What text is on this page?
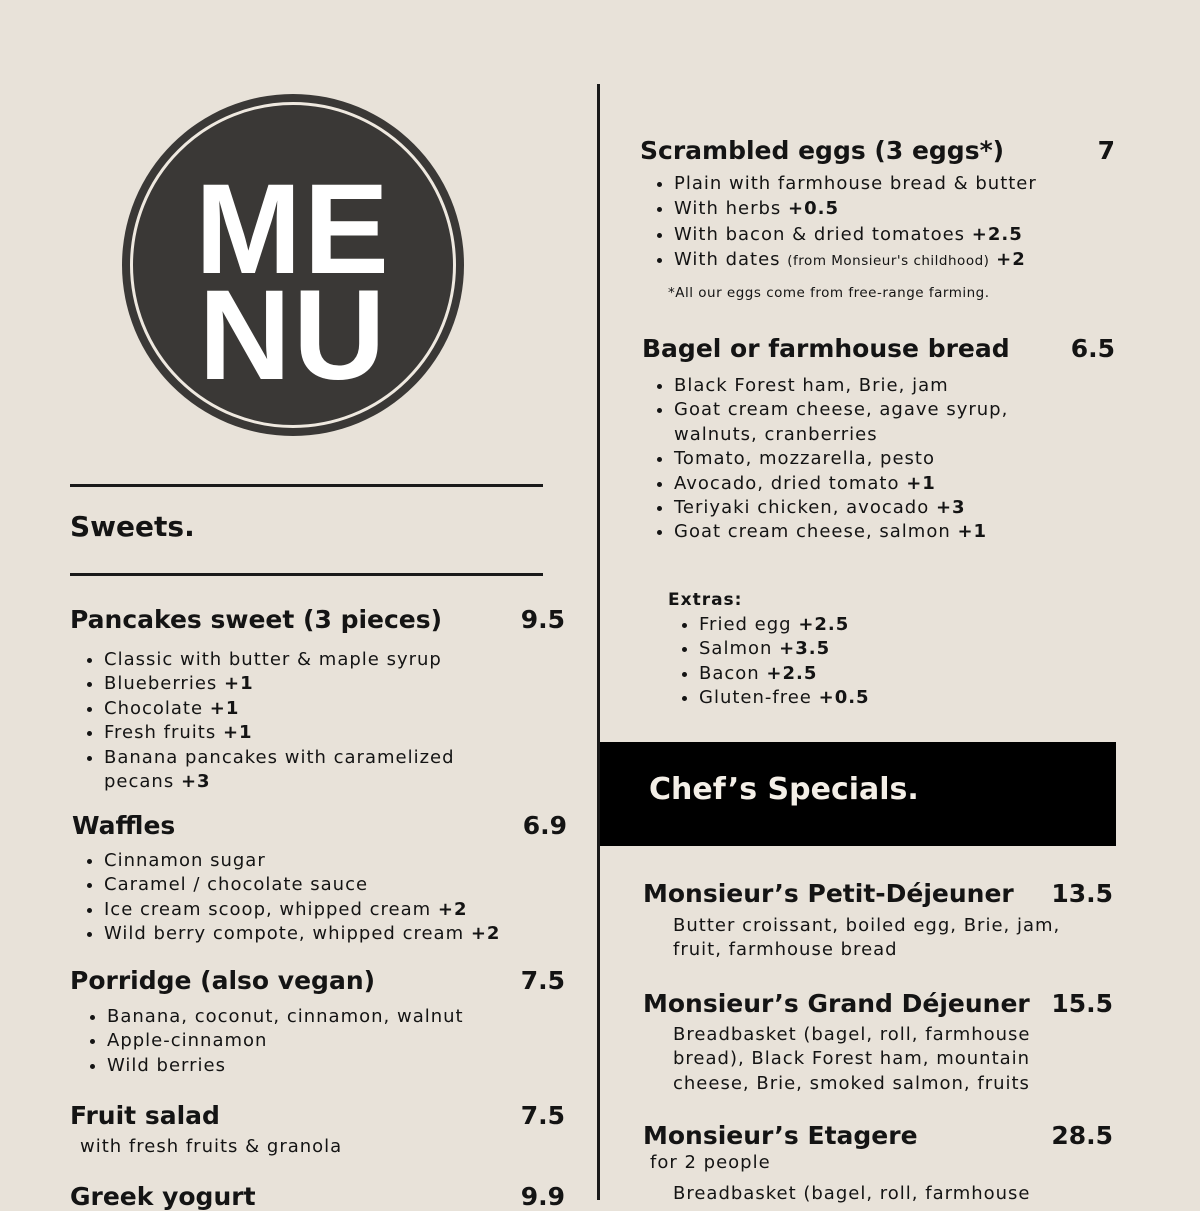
ME
NU
Sweets.
Pancakes sweet (3 pieces)	9.5
• Classic with butter & maple syrup
• Blueberries +1
• Chocolate +1
• Fresh fruits +1
• Banana pancakes with caramelized pecans +3
Waffles	6.9
• Cinnamon sugar
• Caramel / chocolate sauce
• Ice cream scoop, whipped cream +2
• Wild berry compote, whipped cream +2
Porridge (also vegan)	7.5
• Banana, coconut, cinnamon, walnut
• Apple-cinnamon
• Wild berries
Fruit salad	7.5
with fresh fruits & granola
Greek yogurt	9.9
Scrambled eggs (3 eggs*)	7
• Plain with farmhouse bread & butter
• With herbs +0.5
• With bacon & dried tomatoes +2.5
• With dates (from Monsieur's childhood) +2
*All our eggs come from free-range farming.
Bagel or farmhouse bread	6.5
• Black Forest ham, Brie, jam
• Goat cream cheese, agave syrup, walnuts, cranberries
• Tomato, mozzarella, pesto
• Avocado, dried tomato +1
• Teriyaki chicken, avocado +3
• Goat cream cheese, salmon +1
Extras:
• Fried egg +2.5
• Salmon +3.5
• Bacon +2.5
• Gluten-free +0.5
Chef’s Specials.
Monsieur’s Petit-Déjeuner	13.5
Butter croissant, boiled egg, Brie, jam, fruit, farmhouse bread
Monsieur’s Grand Déjeuner 15.5
Breadbasket (bagel, roll, farmhouse bread), Black Forest ham, mountain cheese, Brie, smoked salmon, fruits
Monsieur’s Etagere	28.5
for 2 people
Breadbasket (bagel, roll, farmhouse
